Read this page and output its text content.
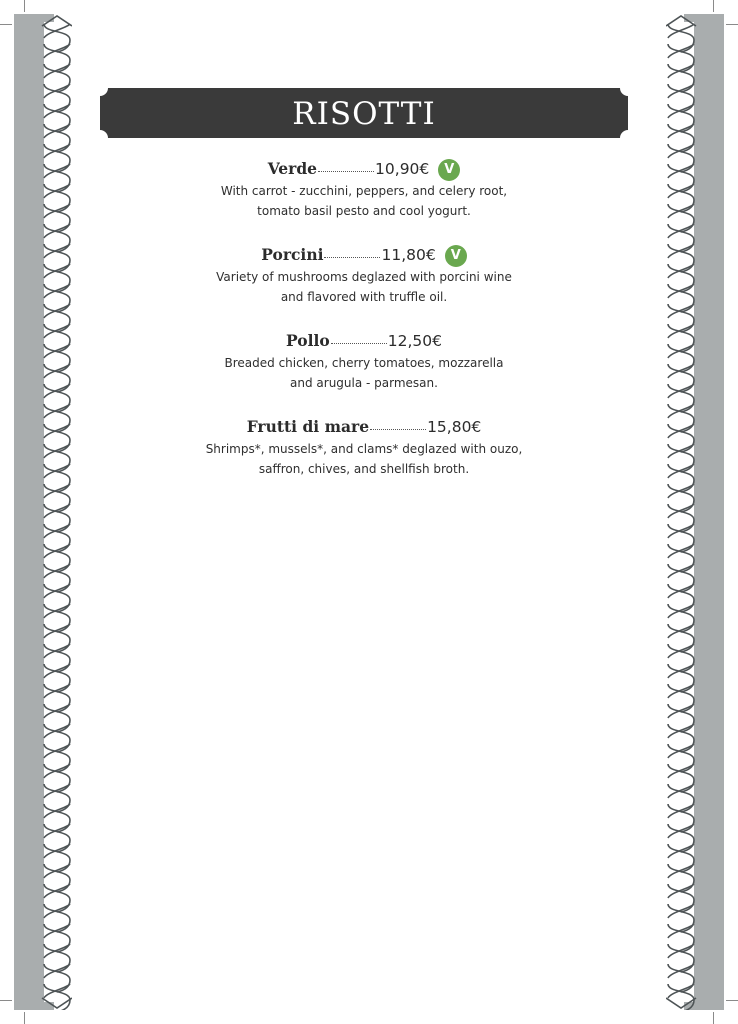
RISOTTI
Verde	10,90€	V
With carrot - zucchini, peppers, and celery root,
tomato basil pesto and cool yogurt.
Porcini	11,80€	V
Variety of mushrooms deglazed with porcini wine
and flavored with truffle oil.
Pollo	12,50€
Breaded chicken, cherry tomatoes, mozzarella
and arugula - parmesan.
Frutti di mare	15,80€
Shrimps*, mussels*, and clams* deglazed with ouzo,
saffron, chives, and shellfish broth.
